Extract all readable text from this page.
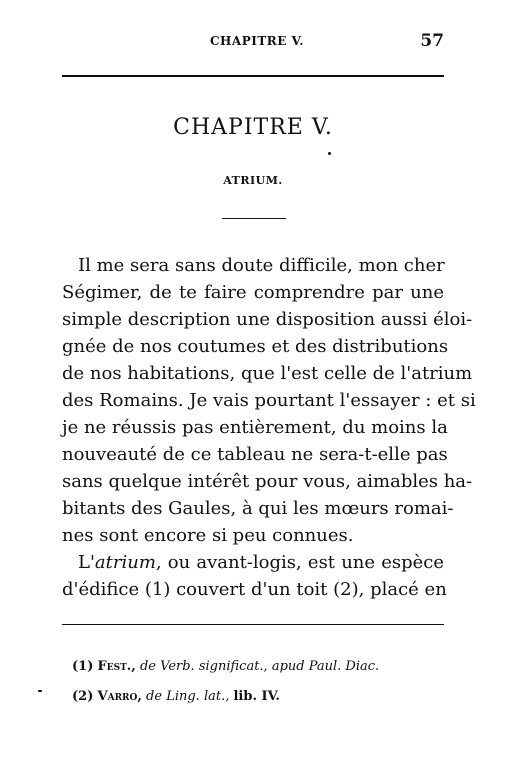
CHAPITRE V.	57
CHAPITRE V.
ATRIUM.
Il me sera sans doute difficile, mon cher
Ségimer, de te faire comprendre par une
simple description une disposition aussi éloi-
gnée de nos coutumes et des distributions
de nos habitations, que l'est celle de l'atrium
des Romains. Je vais pourtant l'essayer : et si
je ne réussis pas entièrement, du moins la
nouveauté de ce tableau ne sera-t-elle pas
sans quelque intérêt pour vous, aimables ha-
bitants des Gaules, à qui les mœurs romai-
nes sont encore si peu connues.
L'atrium, ou avant-logis, est une espèce
d'édifice (1) couvert d'un toit (2), placé en
(1) Fest., de Verb. significat., apud Paul. Diac.
(2) Varro, de Ling. lat., lib. IV.
